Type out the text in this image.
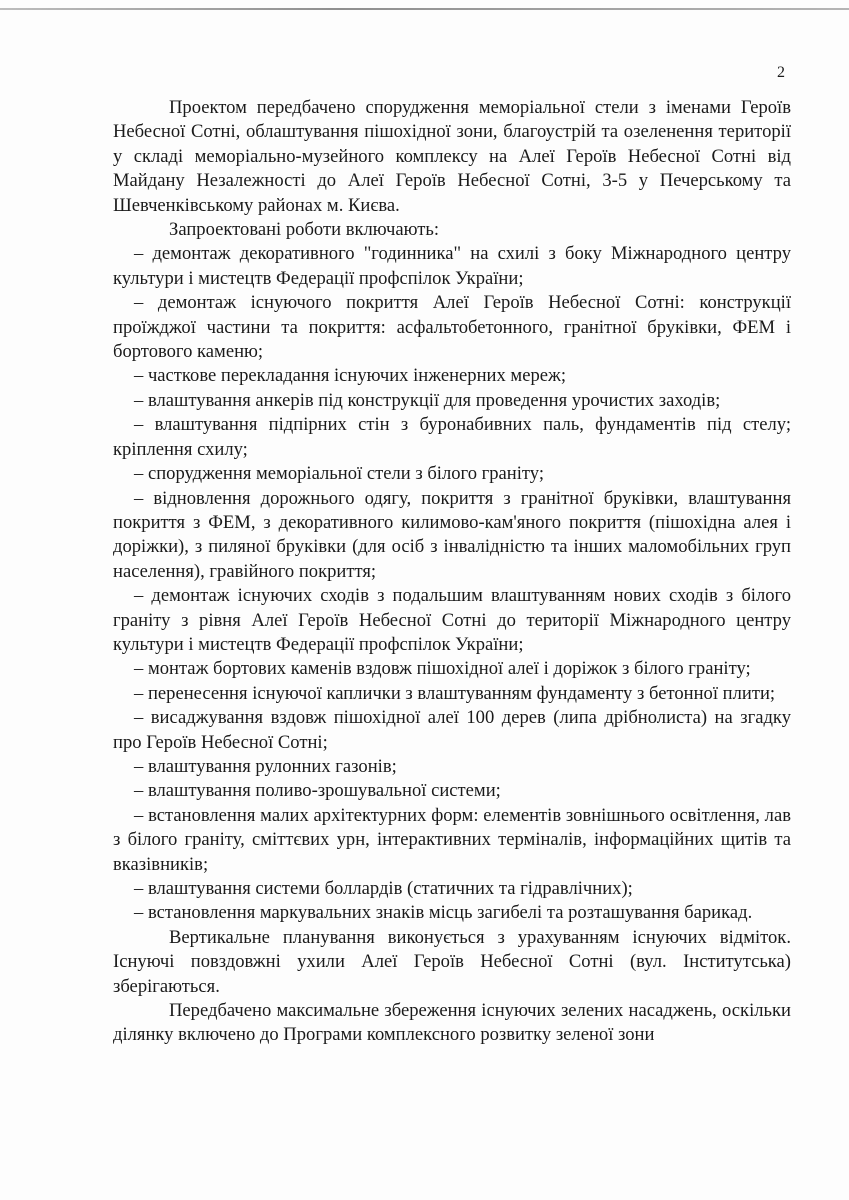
2

Проектом передбачено спорудження меморіальної стели з іменами Героїв Небесної Сотні, облаштування пішохідної зони, благоустрій та озеленення території у складі меморіально-музейного комплексу на Алеї Героїв Небесної Сотні від Майдану Незалежності до Алеї Героїв Небесної Сотні, 3-5 у Печерському та Шевченківському районах м. Києва.

Запроектовані роботи включають:

– демонтаж декоративного "годинника" на схилі з боку Міжнародного центру культури і мистецтв Федерації профспілок України;

– демонтаж існуючого покриття Алеї Героїв Небесної Сотні: конструкції проїжджої частини та покриття: асфальтобетонного, гранітної бруківки, ФЕМ і бортового каменю;

– часткове перекладання існуючих інженерних мереж;

– влаштування анкерів під конструкції для проведення урочистих заходів;

– влаштування підпірних стін з буронабивних паль, фундаментів під стелу; кріплення схилу;

– спорудження меморіальної стели з білого граніту;

– відновлення дорожнього одягу, покриття з гранітної бруківки, влаштування покриття з ФЕМ, з декоративного килимово-кам'яного покриття (пішохідна алея і доріжки), з пиляної бруківки (для осіб з інвалідністю та інших маломобільних груп населення), гравійного покриття;

– демонтаж існуючих сходів з подальшим влаштуванням нових сходів з білого граніту з рівня Алеї Героїв Небесної Сотні до території Міжнародного центру культури і мистецтв Федерації профспілок України;

– монтаж бортових каменів вздовж пішохідної алеї і доріжок з білого граніту;

– перенесення існуючої каплички з влаштуванням фундаменту з бетонної плити;

– висаджування вздовж пішохідної алеї 100 дерев (липа дрібнолиста) на згадку про Героїв Небесної Сотні;

– влаштування рулонних газонів;

– влаштування поливо-зрошувальної системи;

– встановлення малих архітектурних форм: елементів зовнішнього освітлення, лав з білого граніту, сміттєвих урн, інтерактивних терміналів, інформаційних щитів та вказівників;

– влаштування системи боллардів (статичних та гідравлічних);

– встановлення маркувальних знаків місць загибелі та розташування барикад.

Вертикальне планування виконується з урахуванням існуючих відміток. Існуючі повздовжні ухили Алеї Героїв Небесної Сотні (вул. Інститутська) зберігаються.

Передбачено максимальне збереження існуючих зелених насаджень, оскільки ділянку включено до Програми комплексного розвитку зеленої зони
